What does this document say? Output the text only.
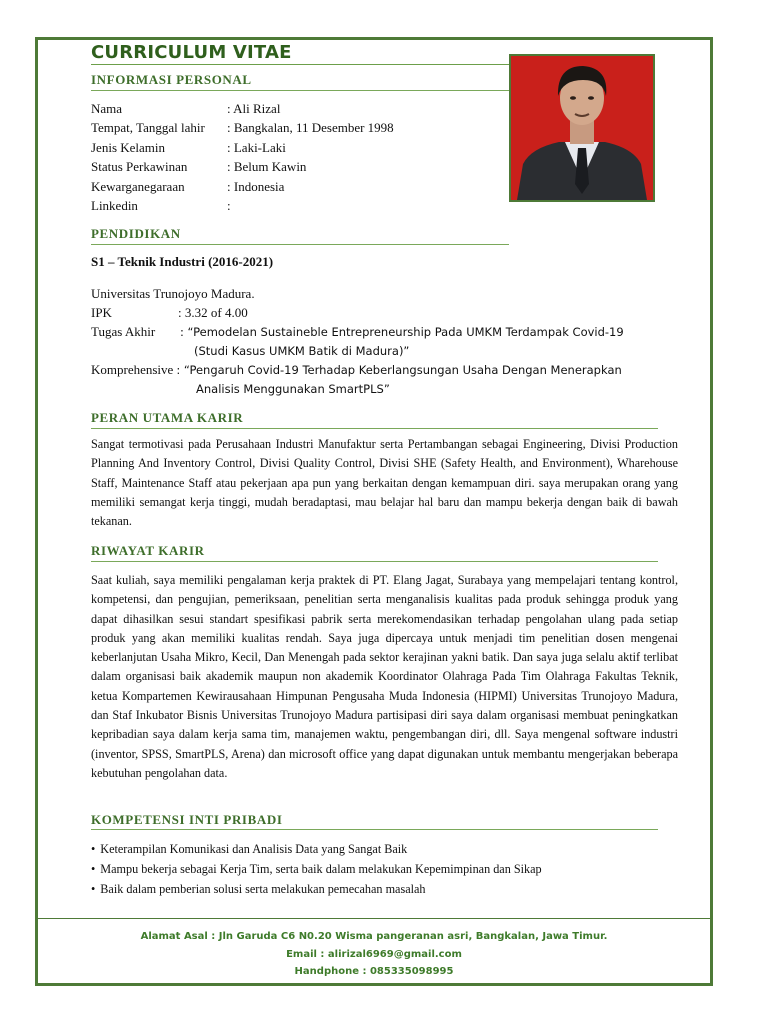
CURRICULUM VITAE
INFORMASI PERSONAL
Nama	: Ali Rizal
Tempat, Tanggal lahir	: Bangkalan, 11 Desember 1998
Jenis Kelamin	: Laki-Laki
Status Perkawinan	: Belum Kawin
Kewarganegaraan	: Indonesia
Linkedin	:
PENDIDIKAN
S1 – Teknik Industri (2016-2021)
Universitas Trunojoyo Madura.
IPK	: 3.32 of 4.00
Tugas Akhir : “Pemodelan Sustaineble Entrepreneurship Pada UMKM Terdampak Covid-19
(Studi Kasus UMKM Batik di Madura)”
Komprehensive : “Pengaruh Covid-19 Terhadap Keberlangsungan Usaha Dengan Menerapkan
Analisis Menggunakan SmartPLS”
PERAN UTAMA KARIR
Sangat termotivasi pada Perusahaan Industri Manufaktur serta Pertambangan sebagai Engineering, Divisi Production Planning And Inventory Control, Divisi Quality Control, Divisi SHE (Safety Health, and Environment), Wharehouse Staff, Maintenance Staff atau pekerjaan apa pun yang berkaitan dengan kemampuan diri. saya merupakan orang yang memiliki semangat kerja tinggi, mudah beradaptasi, mau belajar hal baru dan mampu bekerja dengan baik di bawah tekanan.
RIWAYAT KARIR
Saat kuliah, saya memiliki pengalaman kerja praktek di PT. Elang Jagat, Surabaya yang mempelajari tentang kontrol, kompetensi, dan pengujian, pemeriksaan, penelitian serta menganalisis kualitas pada produk sehingga produk yang dapat dihasilkan sesui standart spesifikasi pabrik serta merekomendasikan terhadap pengolahan ulang pada setiap produk yang akan memiliki kualitas rendah. Saya juga dipercaya untuk menjadi tim penelitian dosen mengenai keberlanjutan Usaha Mikro, Kecil, Dan Menengah pada sektor kerajinan yakni batik. Dan saya juga selalu aktif terlibat dalam organisasi baik akademik maupun non akademik Koordinator Olahraga Pada Tim Olahraga Fakultas Teknik, ketua Kompartemen Kewirausahaan Himpunan Pengusaha Muda Indonesia (HIPMI) Universitas Trunojoyo Madura, dan Staf Inkubator Bisnis Universitas Trunojoyo Madura partisipasi diri saya dalam organisasi membuat peningkatkan kepribadian saya dalam kerja sama tim, manajemen waktu, pengembangan diri, dll. Saya mengenal software industri (inventor, SPSS, SmartPLS, Arena) dan microsoft office yang dapat digunakan untuk membantu mengerjakan beberapa kebutuhan pengolahan data.
KOMPETENSI INTI PRIBADI
• Keterampilan Komunikasi dan Analisis Data yang Sangat Baik
• Mampu bekerja sebagai Kerja Tim, serta baik dalam melakukan Kepemimpinan dan Sikap
• Baik dalam pemberian solusi serta melakukan pemecahan masalah
Alamat Asal : Jln Garuda C6 N0.20 Wisma pangeranan asri, Bangkalan, Jawa Timur.
Email : alirizal6969@gmail.com
Handphone : 085335098995
